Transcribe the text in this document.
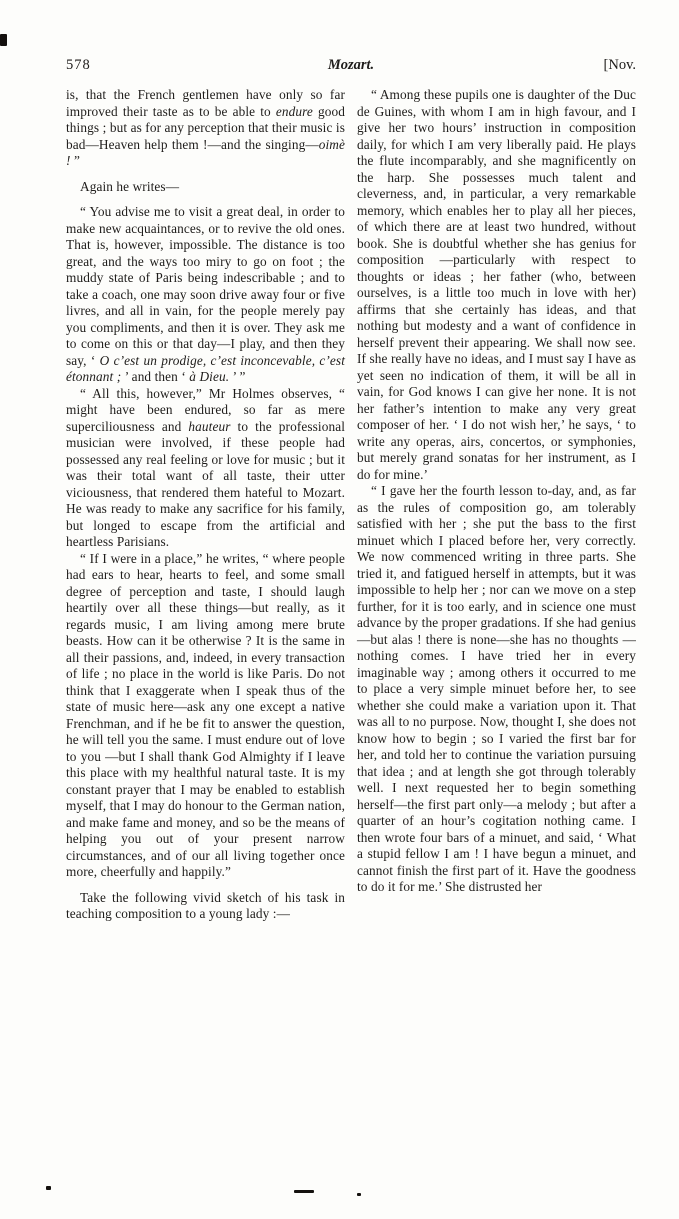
578	Mozart.	[Nov.

is, that the French gentlemen have only so far improved their taste as to be able to endure good things ; but as for any perception that their music is bad—Heaven help them !—and the singing—oimè ! ”

Again he writes—

“ You advise me to visit a great deal, in order to make new acquaintances, or to revive the old ones. That is, however, impossible. The distance is too great, and the ways too miry to go on foot ; the muddy state of Paris being indescribable ; and to take a coach, one may soon drive away four or five livres, and all in vain, for the people merely pay you compliments, and then it is over. They ask me to come on this or that day—I play, and then they say, ‘ O c’est un prodige, c’est inconcevable, c’est étonnant ; ’ and then ‘ à Dieu. ’ ”

“ All this, however,” Mr Holmes observes, “ might have been endured, so far as mere superciliousness and hauteur to the professional musician were involved, if these people had possessed any real feeling or love for music ; but it was their total want of all taste, their utter viciousness, that rendered them hateful to Mozart. He was ready to make any sacrifice for his family, but longed to escape from the artificial and heartless Parisians.

“ If I were in a place,” he writes, “ where people had ears to hear, hearts to feel, and some small degree of perception and taste, I should laugh heartily over all these things—but really, as it regards music, I am living among mere brute beasts. How can it be otherwise ? It is the same in all their passions, and, indeed, in every transaction of life ; no place in the world is like Paris. Do not think that I exaggerate when I speak thus of the state of music here—ask any one except a native Frenchman, and if he be fit to answer the question, he will tell you the same. I must endure out of love to you —but I shall thank God Almighty if I leave this place with my healthful natural taste. It is my constant prayer that I may be enabled to establish myself, that I may do honour to the German nation, and make fame and money, and so be the means of helping you out of your present narrow circumstances, and of our all living together once more, cheerfully and happily.”

Take the following vivid sketch of his task in teaching composition to a young lady :—

“ Among these pupils one is daughter of the Duc de Guines, with whom I am in high favour, and I give her two hours’ instruction in composition daily, for which I am very liberally paid. He plays the flute incomparably, and she magnificently on the harp. She possesses much talent and cleverness, and, in particular, a very remarkable memory, which enables her to play all her pieces, of which there are at least two hundred, without book. She is doubtful whether she has genius for composition —particularly with respect to thoughts or ideas ; her father (who, between ourselves, is a little too much in love with her) affirms that she certainly has ideas, and that nothing but modesty and a want of confidence in herself prevent their appearing. We shall now see. If she really have no ideas, and I must say I have as yet seen no indication of them, it will be all in vain, for God knows I can give her none. It is not her father’s intention to make any very great composer of her. ‘ I do not wish her,’ he says, ‘ to write any operas, airs, concertos, or symphonies, but merely grand sonatas for her instrument, as I do for mine.’

“ I gave her the fourth lesson to-day, and, as far as the rules of composition go, am tolerably satisfied with her ; she put the bass to the first minuet which I placed before her, very correctly. We now commenced writing in three parts. She tried it, and fatigued herself in attempts, but it was impossible to help her ; nor can we move on a step further, for it is too early, and in science one must advance by the proper gradations. If she had genius—but alas ! there is none—she has no thoughts —nothing comes. I have tried her in every imaginable way ; among others it occurred to me to place a very simple minuet before her, to see whether she could make a variation upon it. That was all to no purpose. Now, thought I, she does not know how to begin ; so I varied the first bar for her, and told her to continue the variation pursuing that idea ; and at length she got through tolerably well. I next requested her to begin something herself—the first part only—a melody ; but after a quarter of an hour’s cogitation nothing came. I then wrote four bars of a minuet, and said, ‘ What a stupid fellow I am ! I have begun a minuet, and cannot finish the first part of it. Have the goodness to do it for me.’ She distrusted her
